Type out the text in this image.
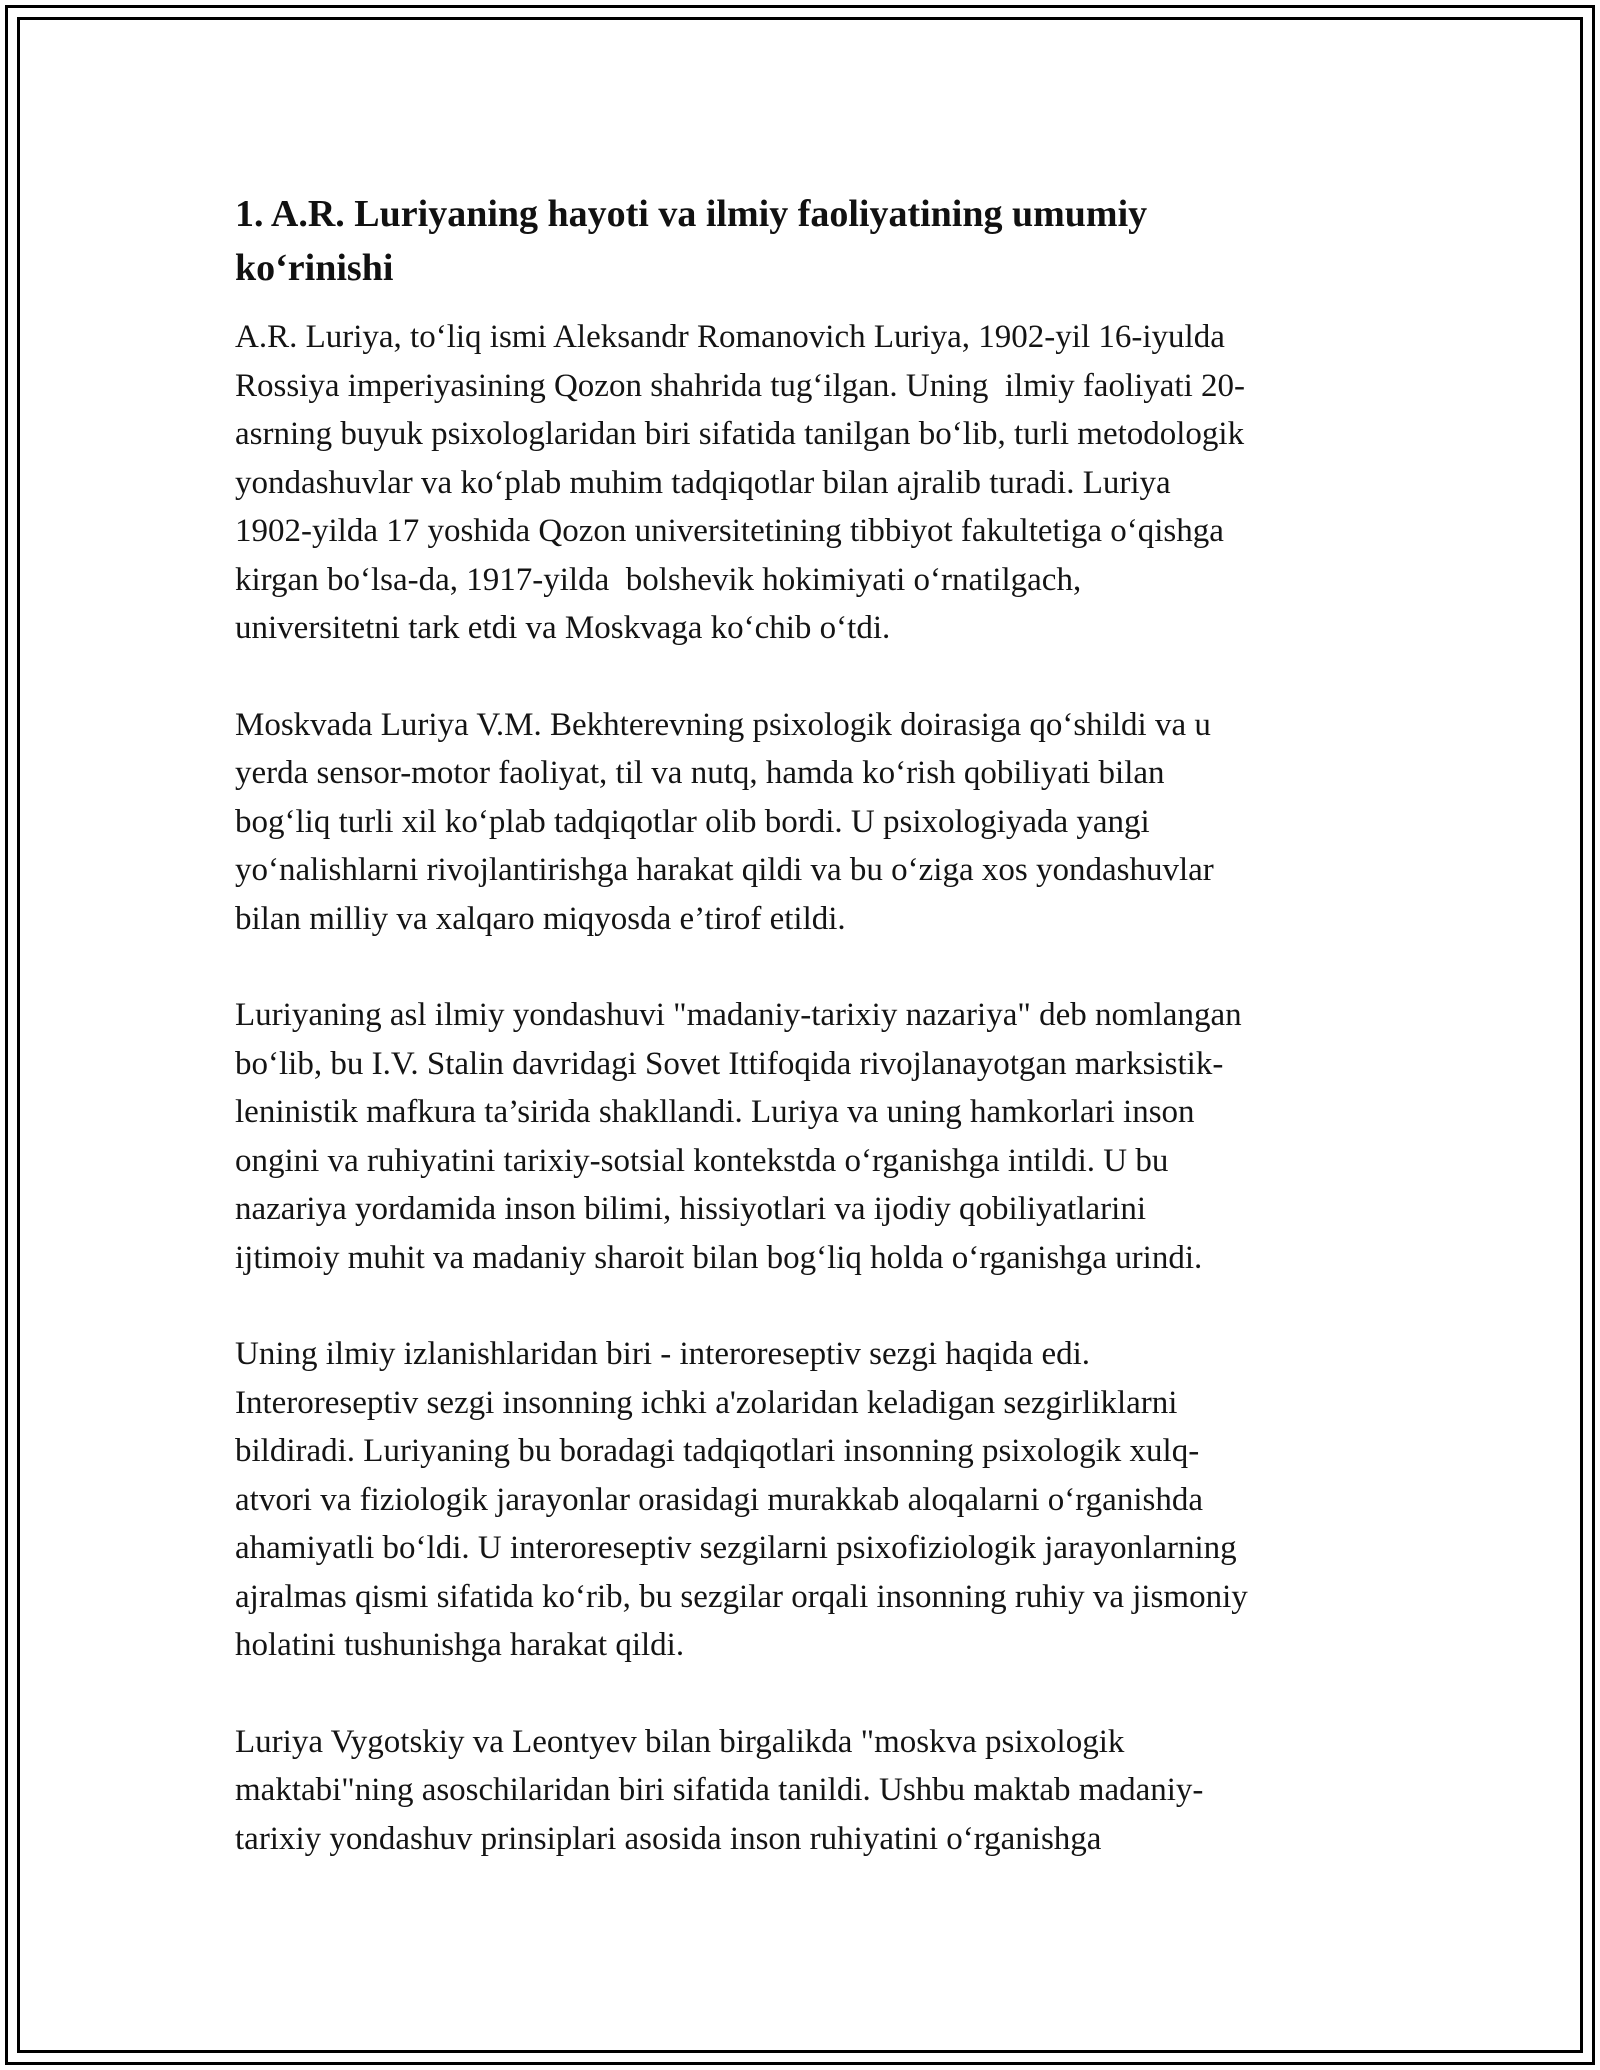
1. A.R. Luriyaning hayoti va ilmiy faoliyatining umumiy
ko‘rinishi
A.R. Luriya, to‘liq ismi Aleksandr Romanovich Luriya, 1902-yil 16-iyulda
Rossiya imperiyasining Qozon shahrida tug‘ilgan. Uning  ilmiy faoliyati 20-
asrning buyuk psixologlaridan biri sifatida tanilgan bo‘lib, turli metodologik
yondashuvlar va ko‘plab muhim tadqiqotlar bilan ajralib turadi. Luriya
1902-yilda 17 yoshida Qozon universitetining tibbiyot fakultetiga o‘qishga
kirgan bo‘lsa-da, 1917-yilda  bolshevik hokimiyati o‘rnatilgach,
universitetni tark etdi va Moskvaga ko‘chib o‘tdi.
Moskvada Luriya V.M. Bekhterevning psixologik doirasiga qo‘shildi va u
yerda sensor-motor faoliyat, til va nutq, hamda ko‘rish qobiliyati bilan
bog‘liq turli xil ko‘plab tadqiqotlar olib bordi. U psixologiyada yangi
yo‘nalishlarni rivojlantirishga harakat qildi va bu o‘ziga xos yondashuvlar
bilan milliy va xalqaro miqyosda e’tirof etildi.
Luriyaning asl ilmiy yondashuvi "madaniy-tarixiy nazariya" deb nomlangan
bo‘lib, bu I.V. Stalin davridagi Sovet Ittifoqida rivojlanayotgan marksistik-
leninistik mafkura ta’sirida shakllandi. Luriya va uning hamkorlari inson
ongini va ruhiyatini tarixiy-sotsial kontekstda o‘rganishga intildi. U bu
nazariya yordamida inson bilimi, hissiyotlari va ijodiy qobiliyatlarini
ijtimoiy muhit va madaniy sharoit bilan bog‘liq holda o‘rganishga urindi.
Uning ilmiy izlanishlaridan biri - interoreseptiv sezgi haqida edi.
Interoreseptiv sezgi insonning ichki a'zolaridan keladigan sezgirliklarni
bildiradi. Luriyaning bu boradagi tadqiqotlari insonning psixologik xulq-
atvori va fiziologik jarayonlar orasidagi murakkab aloqalarni o‘rganishda
ahamiyatli bo‘ldi. U interoreseptiv sezgilarni psixofiziologik jarayonlarning
ajralmas qismi sifatida ko‘rib, bu sezgilar orqali insonning ruhiy va jismoniy
holatini tushunishga harakat qildi.
Luriya Vygotskiy va Leontyev bilan birgalikda "moskva psixologik
maktabi"ning asoschilaridan biri sifatida tanildi. Ushbu maktab madaniy-
tarixiy yondashuv prinsiplari asosida inson ruhiyatini o‘rganishga
